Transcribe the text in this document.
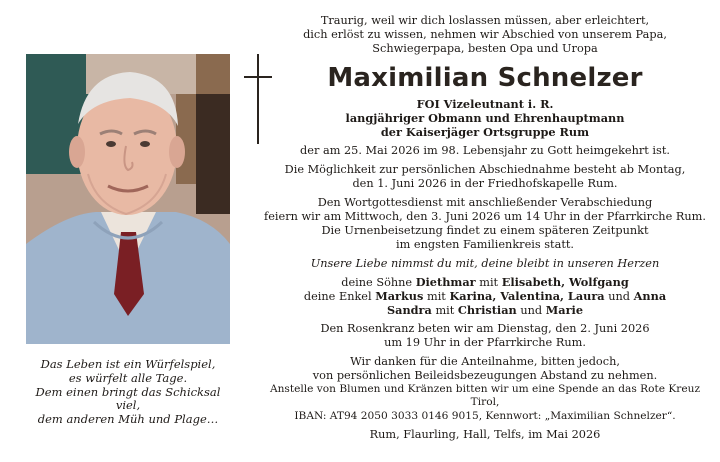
Das Leben ist ein Würfelspiel,
es würfelt alle Tage.
Dem einen bringt das Schicksal viel,
dem anderen Müh und Plage…

Traurig, weil wir dich loslassen müssen, aber erleichtert,
dich erlöst zu wissen, nehmen wir Abschied von unserem Papa,
Schwiegerpapa, besten Opa und Uropa

Maximilian Schnelzer

FOI Vizeleutnant i. R.
langjähriger Obmann und Ehrenhauptmann
der Kaiserjäger Ortsgruppe Rum

der am 25. Mai 2026 im 98. Lebensjahr zu Gott heimgekehrt ist.

Die Möglichkeit zur persönlichen Abschiednahme besteht ab Montag,
den 1. Juni 2026 in der Friedhofskapelle Rum.

Den Wortgottesdienst mit anschließender Verabschiedung
feiern wir am Mittwoch, den 3. Juni 2026 um 14 Uhr in der Pfarrkirche Rum.
Die Urnenbeisetzung findet zu einem späteren Zeitpunkt
im engsten Familienkreis statt.

Unsere Liebe nimmst du mit, deine bleibt in unseren Herzen

deine Söhne Diethmar mit Elisabeth, Wolfgang
deine Enkel Markus mit Karina, Valentina, Laura und Anna
Sandra mit Christian und Marie

Den Rosenkranz beten wir am Dienstag, den 2. Juni 2026
um 19 Uhr in der Pfarrkirche Rum.

Wir danken für die Anteilnahme, bitten jedoch,
von persönlichen Beileidsbezeugungen Abstand zu nehmen.

Anstelle von Blumen und Kränzen bitten wir um eine Spende an das Rote Kreuz Tirol,
IBAN: AT94 2050 3033 0146 9015, Kennwort: „Maximilian Schnelzer“.

Rum, Flaurling, Hall, Telfs, im Mai 2026
